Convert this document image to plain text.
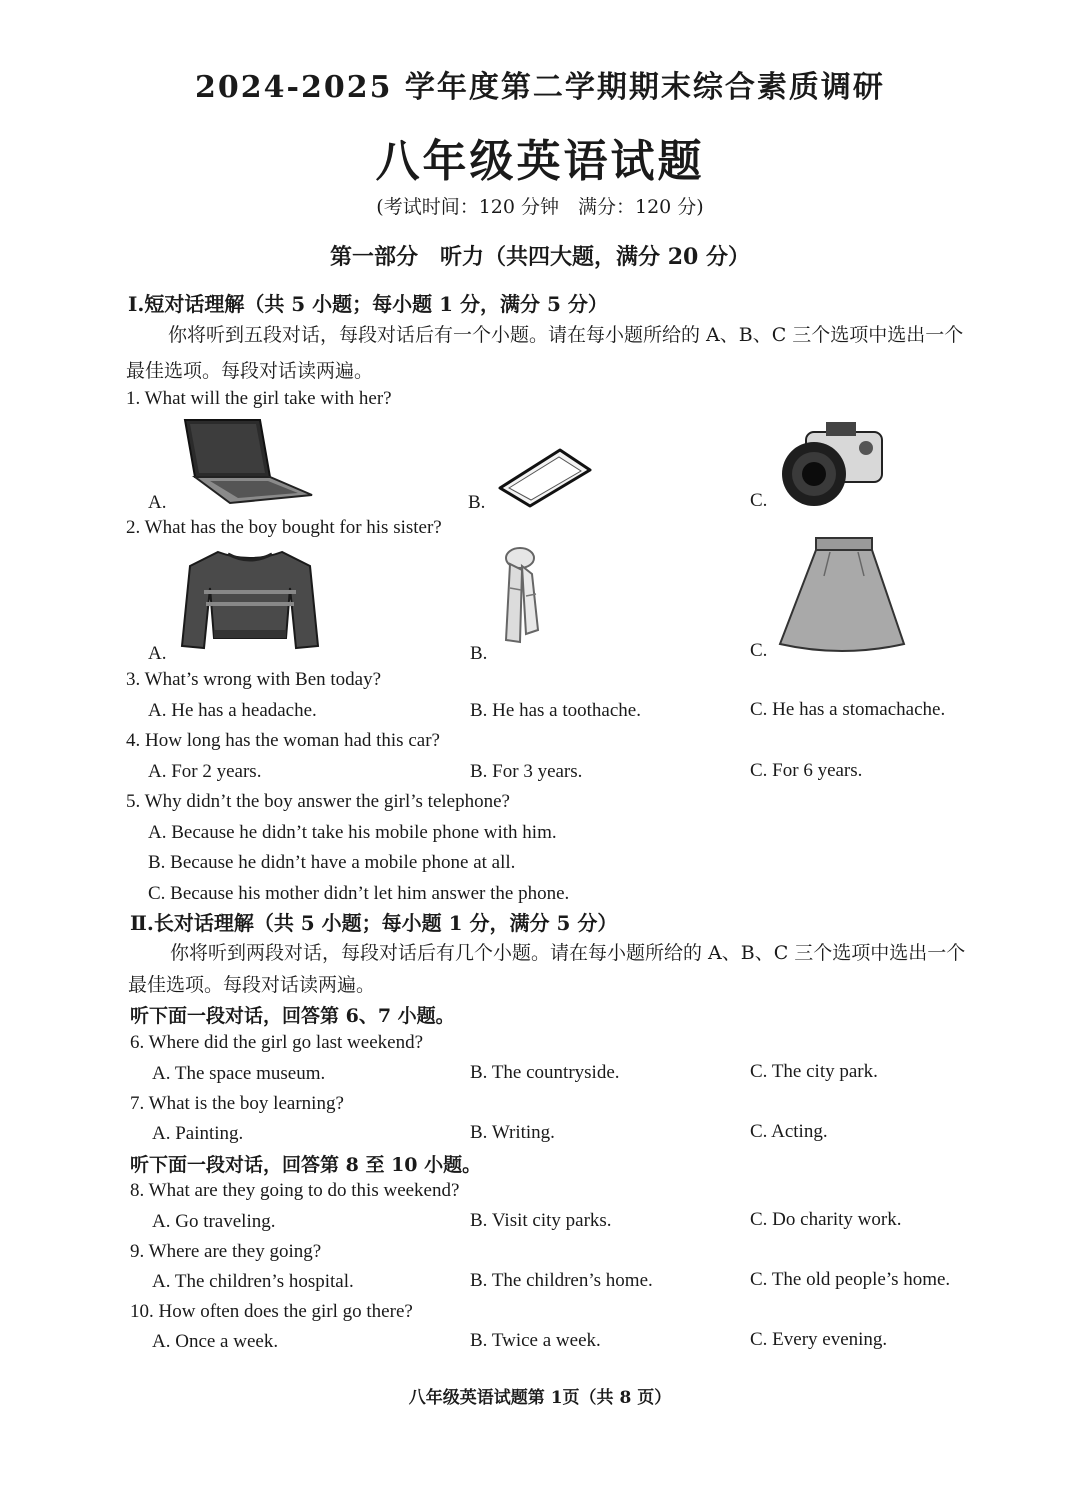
2024-2025 学年度第二学期期末综合素质调研
八年级英语试题
(考试时间：120 分钟　满分：120 分)
第一部分　听力（共四大题，满分 20 分）
Ⅰ.短对话理解（共 5 小题；每小题 1 分，满分 5 分）
你将听到五段对话，每段对话后有一个小题。请在每小题所给的 A、B、C 三个选项中选出一个
最佳选项。每段对话读两遍。
1. What will the girl take with her?
A.	B.	C.
2. What has the boy bought for his sister?
A.	B.	C.
3. What’s wrong with Ben today?
A. He has a headache.	B. He has a toothache.	C. He has a stomachache.
4. How long has the woman had this car?
A. For 2 years.	B. For 3 years.	C. For 6 years.
5. Why didn’t the boy answer the girl’s telephone?
A. Because he didn’t take his mobile phone with him.
B. Because he didn’t have a mobile phone at all.
C. Because his mother didn’t let him answer the phone.
Ⅱ.长对话理解（共 5 小题；每小题 1 分，满分 5 分）
你将听到两段对话，每段对话后有几个小题。请在每小题所给的 A、B、C 三个选项中选出一个
最佳选项。每段对话读两遍。
听下面一段对话，回答第 6、7 小题。
6. Where did the girl go last weekend?
A. The space museum.	B. The countryside.	C. The city park.
7. What is the boy learning?
A. Painting.	B. Writing.	C. Acting.
听下面一段对话，回答第 8 至 10 小题。
8. What are they going to do this weekend?
A. Go traveling.	B. Visit city parks.	C. Do charity work.
9. Where are they going?
A. The children’s hospital.	B. The children’s home.	C. The old people’s home.
10. How often does the girl go there?
A. Once a week.	B. Twice a week.	C. Every evening.
八年级英语试题第 1页（共 8 页）
